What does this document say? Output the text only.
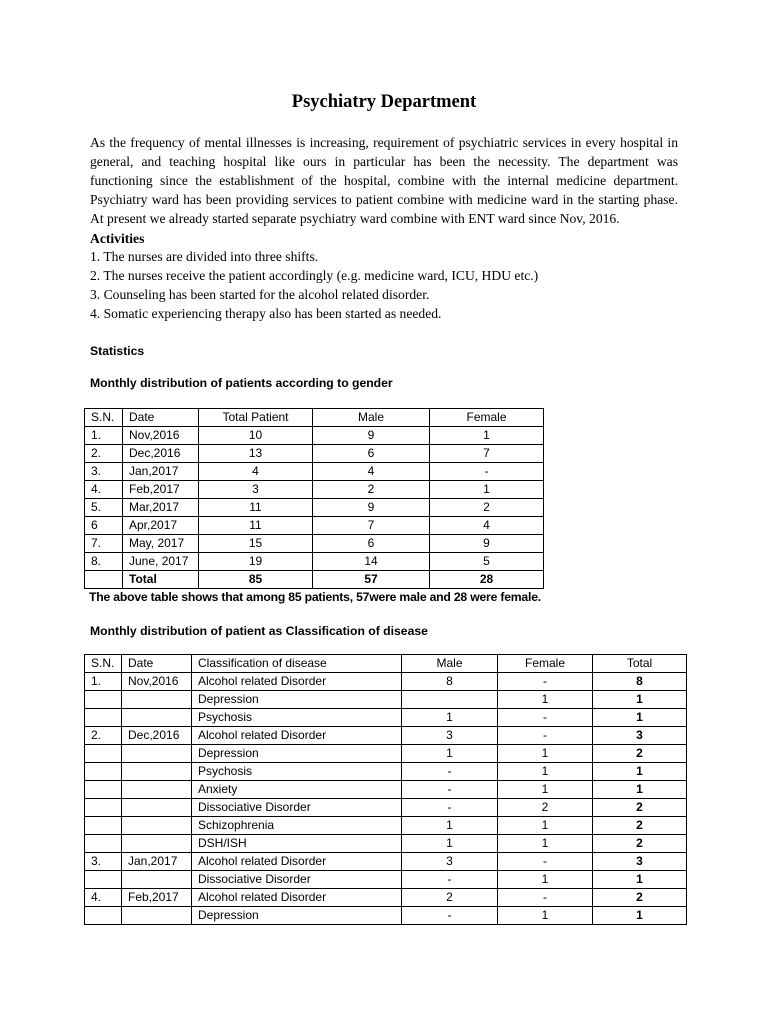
Psychiatry Department

As the frequency of mental illnesses is increasing, requirement of psychiatric services in every hospital in general, and teaching hospital like ours in particular has been the necessity. The department was functioning since the establishment of the hospital, combine with the internal medicine department. Psychiatry ward has been providing services to patient combine with medicine ward in the starting phase. At present we already started separate psychiatry ward combine with ENT ward since Nov, 2016.

Activities
1. The nurses are divided into three shifts.
2. The nurses receive the patient accordingly (e.g. medicine ward, ICU, HDU etc.)
3. Counseling has been started for the alcohol related disorder.
4. Somatic experiencing therapy also has been started as needed.
Statistics
Monthly distribution of patients according to gender
S.N.	Date	Total Patient	Male	Female
1.	Nov,2016	10	9	1
2.	Dec,2016	13	6	7
3.	Jan,2017	4	4	-
4.	Feb,2017	3	2	1
5.	Mar,2017	11	9	2
6	Apr,2017	11	7	4
7.	May, 2017	15	6	9
8.	June, 2017	19	14	5
	Total	85	57	28
The above table shows that among 85 patients, 57were male and 28 were female.
Monthly distribution of patient as Classification of disease
S.N.	Date	Classification of disease	Male	Female	Total
1.	Nov,2016	Alcohol related Disorder	8	-	8
		Depression		1	1
		Psychosis	1	-	1
2.	Dec,2016	Alcohol related Disorder	3	-	3
		Depression	1	1	2
		Psychosis	-	1	1
		Anxiety	-	1	1
		Dissociative Disorder	-	2	2
		Schizophrenia	1	1	2
		DSH/ISH	1	1	2
3.	Jan,2017	Alcohol related Disorder	3	-	3
		Dissociative Disorder	-	1	1
4.	Feb,2017	Alcohol related Disorder	2	-	2
		Depression	-	1	1
